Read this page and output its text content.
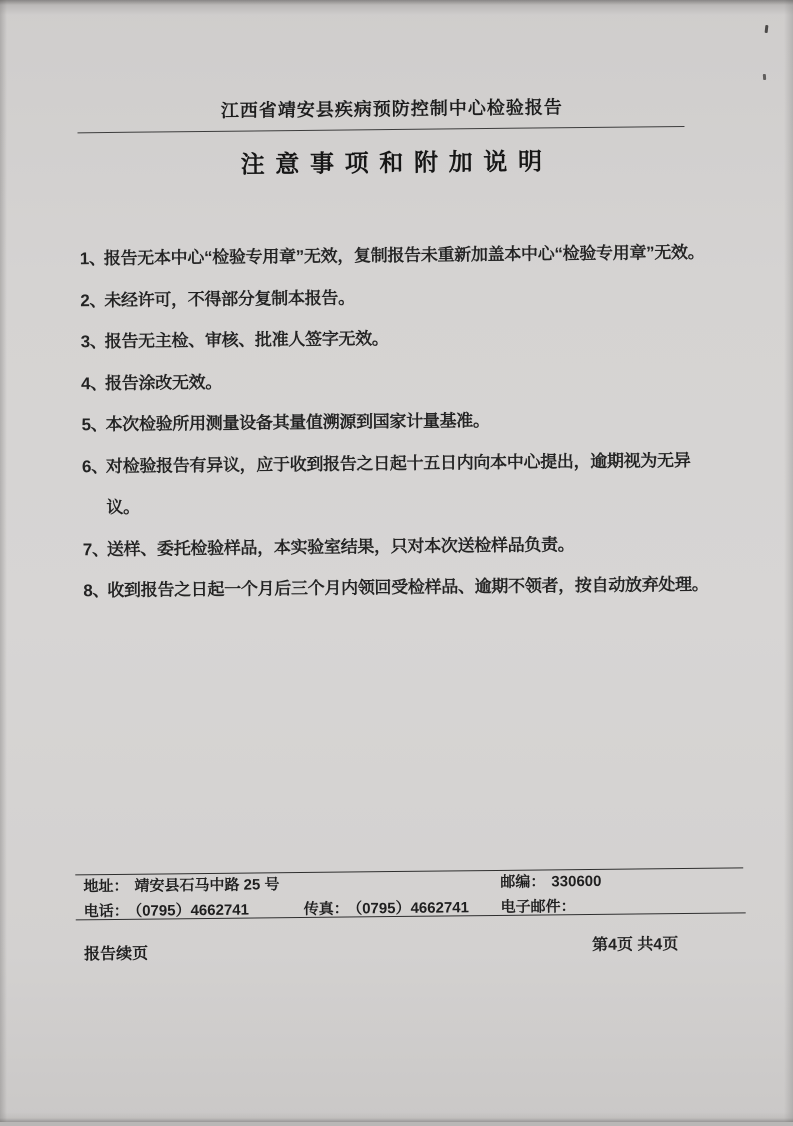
江西省靖安县疾病预防控制中心检验报告
注 意 事 项 和 附 加 说 明
1、
报告无本中心“检验专用章”无效，复制报告未重新加盖本中心“检验专用章”无效。
2、
未经许可，不得部分复制本报告。
3、
报告无主检、审核、批准人签字无效。
4、
报告涂改无效。
5、
本次检验所用测量设备其量值溯源到国家计量基准。
6、
对检验报告有异议，应于收到报告之日起十五日内向本中心提出，逾期视为无异议。
7、
送样、委托检验样品，本实验室结果，只对本次送检样品负责。
8、
收到报告之日起一个月后三个月内领回受检样品、逾期不领者，按自动放弃处理。
地址： 靖安县石马中路 25 号	邮编： 330600
电话： （0795）4662741	传真： （0795）4662741 电子邮件：
报告续页
第4页 共4页
